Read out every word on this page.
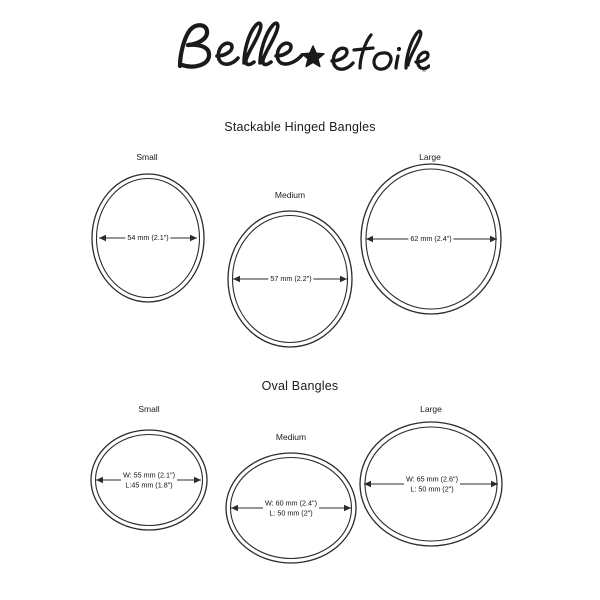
®
Stackable Hinged Bangles
Small
54 mm (2.1")
Medium
57 mm (2.2")
Large
62 mm (2.4")
Oval Bangles
Small
W: 55 mm (2.1")
L:45 mm (1.8")
Medium
W: 60 mm (2.4")
L: 50 mm (2")
Large
W: 65 mm (2.6")
L: 50 mm (2")
